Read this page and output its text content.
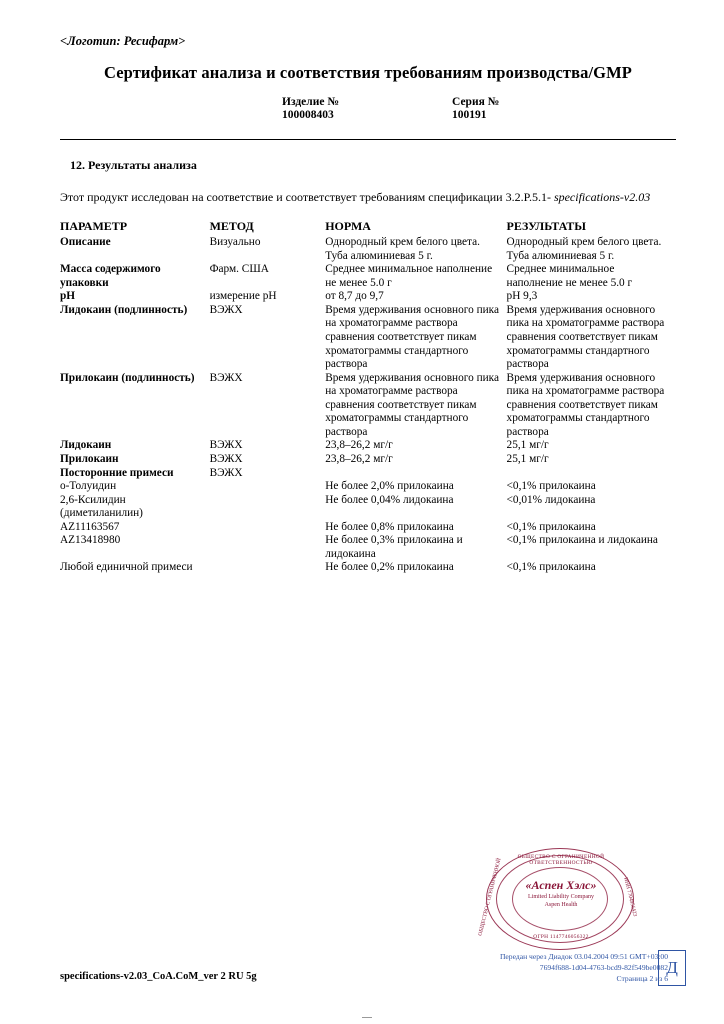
<Логотип: Ресифарм>
Сертификат анализа и соответствия требованиям производства/GMP
Изделие №
100008403
Серия №
100191
12. Результаты анализа
Этот продукт исследован на соответствие и соответствует требованиям спецификации 3.2.P.5.1- specifications-v2.03
ПАРАМЕТР	МЕТОД	НОРМА	РЕЗУЛЬТАТЫ
Описание	Визуально	Однородный крем белого цвета. Туба алюминиевая 5 г.	Однородный крем белого цвета. Туба алюминиевая 5 г.
Масса содержимого упаковки	Фарм. США	Среднее минимальное наполнение не менее 5.0 г	Среднее минимальное наполнение не менее 5.0 г
рН	измерение pH	от 8,7 до 9,7	pH 9,3
Лидокаин (подлинность)	ВЭЖХ	Время удерживания основного пика на хроматограмме раствора сравнения соответствует пикам хроматограммы стандартного раствора	Время удерживания основного пика на хроматограмме раствора сравнения соответствует пикам хроматограммы стандартного раствора
Прилокаин (подлинность)	ВЭЖХ	Время удерживания основного пика на хроматограмме раствора сравнения соответствует пикам хроматограммы стандартного раствора	Время удерживания основного пика на хроматограмме раствора сравнения соответствует пикам хроматограммы стандартного раствора
Лидокаин	ВЭЖХ	23,8–26,2 мг/г	25,1 мг/г
Прилокаин	ВЭЖХ	23,8–26,2 мг/г	25,1 мг/г
Посторонние примеси	ВЭЖХ		
о-Толуидин		Не более 2,0% прилокаина	<0,1% прилокаина
2,6-Ксилидин (диметиланилин)		Не более 0,04% лидокаина	<0,01% лидокаина
AZ11163567		Не более 0,8% прилокаина	<0,1% прилокаина
AZ13418980		Не более 0,3% прилокаина и лидокаина	<0,1% прилокаина и лидокаина
Любой единичной примеси		Не более 0,2% прилокаина	<0,1% прилокаина
ОБЩЕСТВО С ОГРАНИЧЕННОЙ ОТВЕТСТВЕННОСТЬЮ
«Аспен Хэлс»
Limited Liability Company
Aspen Health
ОГРН 1147746056322
ОБЩЕСТВО С ОГРАНИЧЕННОЙ	ИНН 7704856423
specifications-v2.03_CoA.CoM_ver 2 RU 5g
Передан через Диадок 03.04.2004 09:51 GMT+03:00
7694f688-1d04-4763-bcd9-82f549be0082
Страница 2 из 6
Д
